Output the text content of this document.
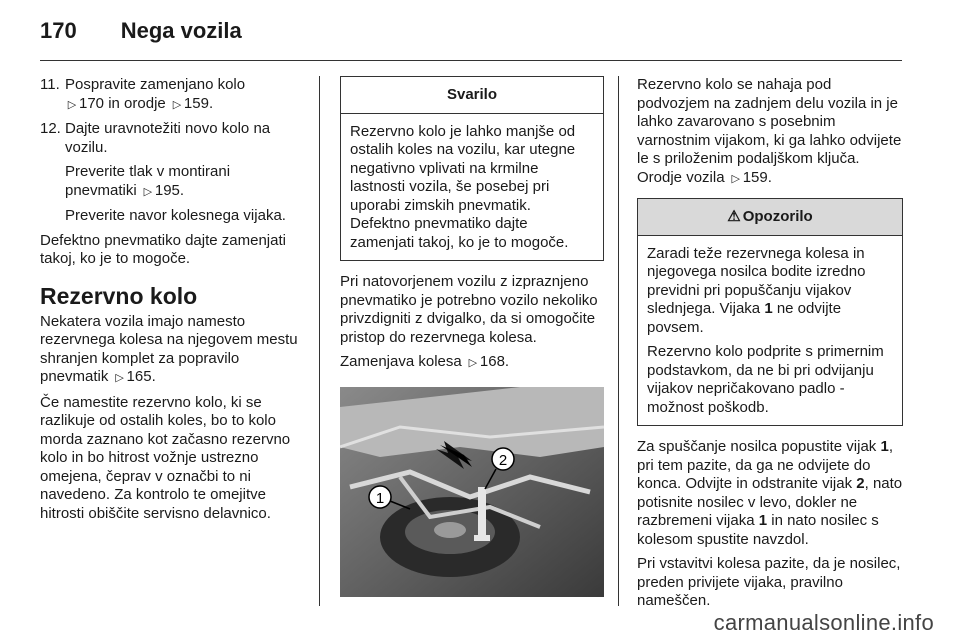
170 Nega vozila
11. Pospravite zamenjano kolo
▷ 170 in orodje ▷ 159.
12. Dajte uravnotežiti novo kolo na vozilu.

Preverite tlak v montirani pnevmatiki ▷ 195.

Preverite navor kolesnega vijaka.

Defektno pnevmatiko dajte zamenjati takoj, ko je to mogoče.

Rezervno kolo

Nekatera vozila imajo namesto rezervnega kolesa na njegovem mestu shranjen komplet za popravilo pnevmatik ▷ 165.

Če namestite rezervno kolo, ki se razlikuje od ostalih koles, bo to kolo morda zaznano kot začasno rezervno kolo in bo hitrost vožnje ustrezno omejena, čeprav v označbi to ni navedeno. Za kontrolo te omejitve hitrosti obiščite servisno delavnico.

Svarilo

Rezervno kolo je lahko manjše od ostalih koles na vozilu, kar utegne negativno vplivati na krmilne lastnosti vozila, še posebej pri uporabi zimskih pnevmatik. Defektno pnevmatiko dajte zamenjati takoj, ko je to mogoče.

Pri natovorjenem vozilu z izpraznjeno pnevmatiko je potrebno vozilo nekoliko privzdigniti z dvigalko, da si omogočite pristop do rezervnega kolesa.

Zamenjava kolesa ▷ 168.

1
2

Rezervno kolo se nahaja pod podvozjem na zadnjem delu vozila in je lahko zavarovano s posebnim varnostnim vijakom, ki ga lahko odvijete le s priloženim podaljškom ključa. Orodje vozila ▷ 159.

⚠ Opozorilo

Zaradi teže rezervnega kolesa in njegovega nosilca bodite izredno previdni pri popuščanju vijakov slednjega. Vijaka 1 ne odvijte povsem.

Rezervno kolo podprite s primernim podstavkom, da ne bi pri odvijanju vijakov nepričakovano padlo - možnost poškodb.

Za spuščanje nosilca popustite vijak 1, pri tem pazite, da ga ne odvijete do konca. Odvijte in odstranite vijak 2, nato potisnite nosilec v levo, dokler ne razbremeni vijaka 1 in nato nosilec s kolesom spustite navzdol.

Pri vstavitvi kolesa pazite, da je nosilec, preden privijete vijaka, pravilno nameščen.

carmanualsonline.info
